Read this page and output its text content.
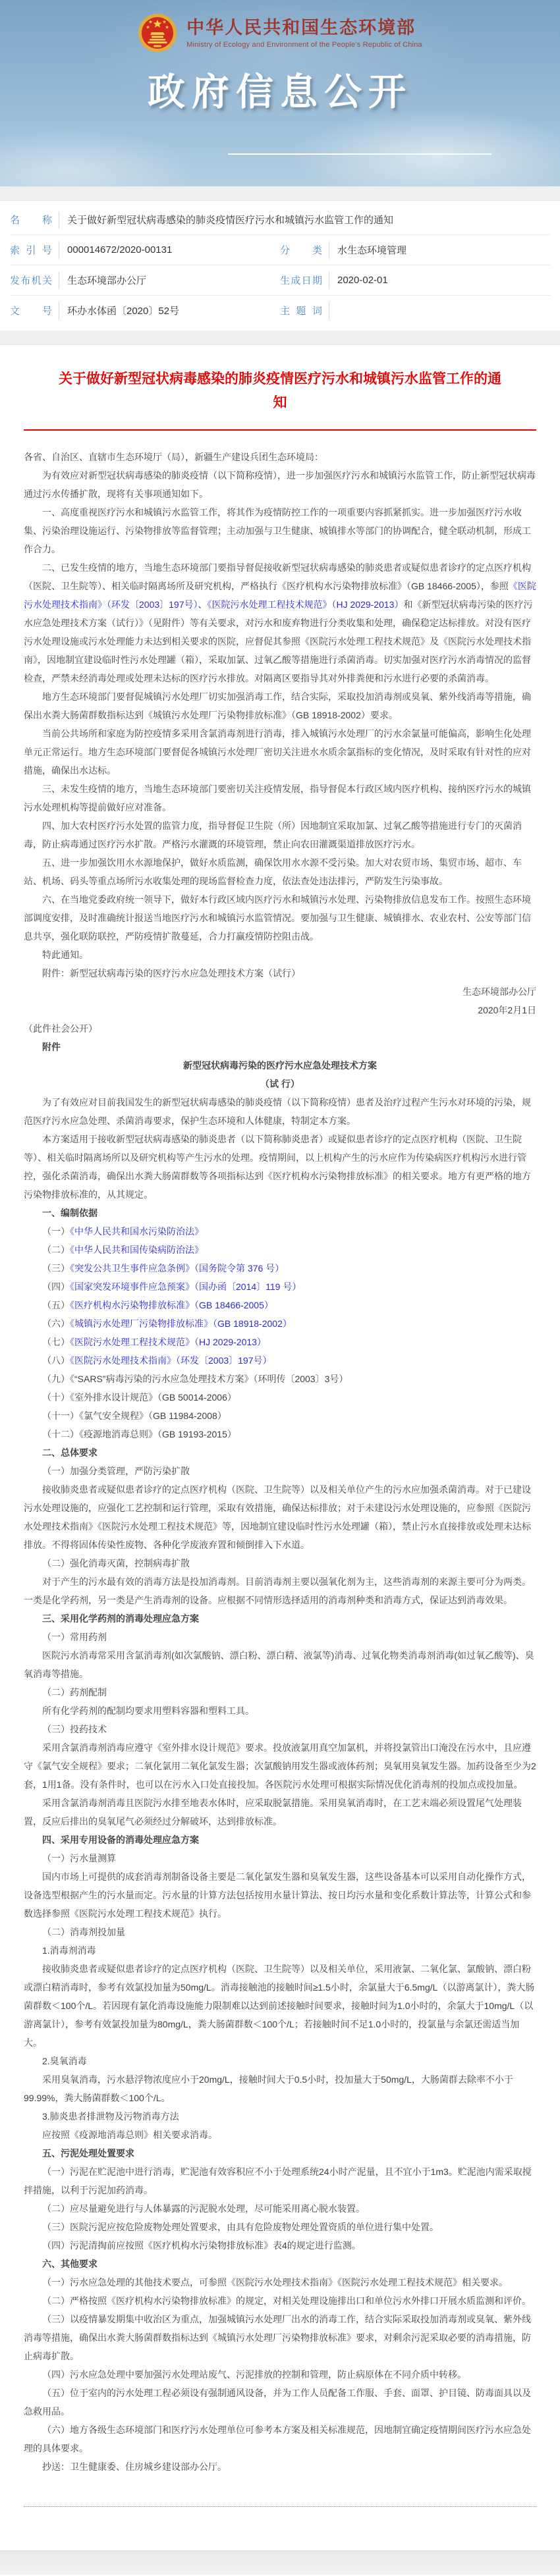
中华人民共和国生态环境部
Ministry of Ecology and Environment of the People's Republic of China
政府信息公开
名 称 关于做好新型冠状病毒感染的肺炎疫情医疗污水和城镇污水监管工作的通知
索 引 号 000014672/2020-00131	分 类 水生态环境管理
发布机关 生态环境部办公厅	生成日期 2020-02-01
文 号 环办水体函〔2020〕52号	主 题 词
关于做好新型冠状病毒感染的肺炎疫情医疗污水和城镇污水监管工作的通知

各省、自治区、直辖市生态环境厅（局），新疆生产建设兵团生态环境局：

为有效应对新型冠状病毒感染的肺炎疫情（以下简称疫情），进一步加强医疗污水和城镇污水监管工作，防止新型冠状病毒通过污水传播扩散，现将有关事项通知如下。

一、高度重视医疗污水和城镇污水监管工作，将其作为疫情防控工作的一项重要内容抓紧抓实。进一步加强医疗污水收集、污染治理设施运行、污染物排放等监督管理；主动加强与卫生健康、城镇排水等部门的协调配合，健全联动机制，形成工作合力。

二、已发生疫情的地方，当地生态环境部门要指导督促接收新型冠状病毒感染的肺炎患者或疑似患者诊疗的定点医疗机构（医院、卫生院等）、相关临时隔离场所及研究机构，严格执行《医疗机构水污染物排放标准》（GB 18466-2005），参照《医院污水处理技术指南》（环发〔2003〕197号）、《医院污水处理工程技术规范》（HJ 2029-2013）和《新型冠状病毒污染的医疗污水应急处理技术方案（试行）》（见附件）等有关要求，对污水和废弃物进行分类收集和处理，确保稳定达标排放。对没有医疗污水处理设施或污水处理能力未达到相关要求的医院，应督促其参照《医院污水处理工程技术规范》及《医院污水处理技术指南》，因地制宜建设临时性污水处理罐（箱），采取加氯、过氧乙酸等措施进行杀菌消毒。切实加强对医疗污水消毒情况的监督检查，严禁未经消毒处理或处理未达标的医疗污水排放。对隔离区要指导其对外排粪便和污水进行必要的杀菌消毒。

地方生态环境部门要督促城镇污水处理厂切实加强消毒工作，结合实际，采取投加消毒剂或臭氧、紫外线消毒等措施，确保出水粪大肠菌群数指标达到《城镇污水处理厂污染物排放标准》（GB 18918-2002）要求。

当前公共场所和家庭为防控疫情多采用含氯消毒剂进行消毒，排入城镇污水处理厂的污水余氯量可能偏高，影响生化处理单元正常运行。地方生态环境部门要督促各城镇污水处理厂密切关注进水水质余氯指标的变化情况，及时采取有针对性的应对措施，确保出水达标。

三、未发生疫情的地方，当地生态环境部门要密切关注疫情发展，指导督促本行政区域内医疗机构、接纳医疗污水的城镇污水处理机构等提前做好应对准备。

四、加大农村医疗污水处置的监管力度，指导督促卫生院（所）因地制宜采取加氯、过氧乙酸等措施进行专门的灭菌消毒，防止病毒通过医疗污水扩散。严格污水灌溉的环境管理，禁止向农田灌溉渠道排放医疗污水。

五、进一步加强饮用水水源地保护，做好水质监测，确保饮用水水源不受污染。加大对农贸市场、集贸市场、超市、车站、机场、码头等重点场所污水收集处理的现场监督检查力度，依法查处违法排污，严防发生污染事故。

六、在当地党委政府统一领导下，做好本行政区域内医疗污水和城镇污水处理、污染物排放信息发布工作。按照生态环境部调度安排，及时准确统计报送当地医疗污水和城镇污水监管情况。要加强与卫生健康、城镇排水、农业农村、公安等部门信息共享，强化联防联控，严防疫情扩散蔓延，合力打赢疫情防控阻击战。

特此通知。

附件：新型冠状病毒污染的医疗污水应急处理技术方案（试行）

生态环境部办公厅

2020年2月1日

（此件社会公开）

附件

新型冠状病毒污染的医疗污水应急处理技术方案

（试 行）

为了有效应对目前我国发生的新型冠状病毒感染的肺炎疫情（以下简称疫情）患者及治疗过程产生污水对环境的污染，规范医疗污水应急处理、杀菌消毒要求，保护生态环境和人体健康，特制定本方案。

本方案适用于接收新型冠状病毒感染的肺炎患者（以下简称肺炎患者）或疑似患者诊疗的定点医疗机构（医院、卫生院等）、相关临时隔离场所以及研究机构等产生污水的处理。疫情期间，以上机构产生的污水应作为传染病医疗机构污水进行管控，强化杀菌消毒，确保出水粪大肠菌群数等各项指标达到《医疗机构水污染物排放标准》的相关要求。地方有更严格的地方污染物排放标准的，从其规定。

一、编制依据

（一）《中华人民共和国水污染防治法》

（二）《中华人民共和国传染病防治法》

（三）《突发公共卫生事件应急条例》（国务院令第 376 号）

（四）《国家突发环境事件应急预案》（国办函〔2014〕119 号）

（五）《医疗机构水污染物排放标准》（GB 18466-2005）

（六）《城镇污水处理厂污染物排放标准》（GB 18918-2002）

（七）《医院污水处理工程技术规范》（HJ 2029-2013）

（八）《医院污水处理技术指南》（环发〔2003〕197号）

（九）《“SARS”病毒污染的污水应急处理技术方案》（环明传〔2003〕3号）

（十）《室外排水设计规范》（GB 50014-2006）

（十一）《氯气安全规程》（GB 11984-2008）

（十二）《疫源地消毒总则》（GB 19193-2015）

二、总体要求

（一）加强分类管理，严防污染扩散

接收肺炎患者或疑似患者诊疗的定点医疗机构（医院、卫生院等）以及相关单位产生的污水应加强杀菌消毒。对于已建设污水处理设施的，应强化工艺控制和运行管理，采取有效措施，确保达标排放；对于未建设污水处理设施的，应参照《医院污水处理技术指南》《医院污水处理工程技术规范》等，因地制宜建设临时性污水处理罐（箱），禁止污水直接排放或处理未达标排放。不得将固体传染性废物、各种化学废液弃置和倾倒排入下水道。

（二）强化消毒灭菌，控制病毒扩散

对于产生的污水最有效的消毒方法是投加消毒剂。目前消毒剂主要以强氧化剂为主，这些消毒剂的来源主要可分为两类。一类是化学药剂，另一类是产生消毒剂的设备。应根据不同情形选择适用的消毒剂种类和消毒方式，保证达到消毒效果。

三、采用化学药剂的消毒处理应急方案

（一）常用药剂

医院污水消毒常采用含氯消毒剂(如次氯酸钠、漂白粉、漂白精、液氯等)消毒、过氧化物类消毒剂消毒(如过氧乙酸等)、臭氧消毒等措施。

（二）药剂配制

所有化学药剂的配制均要求用塑料容器和塑料工具。

（三）投药技术

采用含氯消毒剂消毒应遵守《室外排水设计规范》要求。投放液氯用真空加氯机，并将投氯管出口淹没在污水中，且应遵守《氯气安全规程》要求；二氧化氯用二氧化氯发生器；次氯酸钠用发生器或液体药剂；臭氧用臭氧发生器。加药设备至少为2套，1用1备。没有条件时，也可以在污水入口处直接投加。各医院污水处理可根据实际情况优化消毒剂的投加点或投加量。

采用含氯消毒剂消毒且医院污水排至地表水体时，应采取脱氯措施。采用臭氧消毒时，在工艺末端必须设置尾气处理装置，反应后排出的臭氧尾气必须经过分解破坏，达到排放标准。

四、采用专用设备的消毒处理应急方案

（一）污水量测算

国内市场上可提供的成套消毒剂制备设备主要是二氧化氯发生器和臭氧发生器，这些设备基本可以采用自动化操作方式，设备选型根据产生的污水量而定。污水量的计算方法包括按用水量计算法、按日均污水量和变化系数计算法等，计算公式和参数选择参照《医院污水处理工程技术规范》执行。

（二）消毒剂投加量

1.消毒剂消毒

接收肺炎患者或疑似患者诊疗的定点医疗机构（医院、卫生院等）以及相关单位，采用液氯、二氧化氯、氯酸钠、漂白粉或漂白精消毒时，参考有效氯投加量为50mg/L。消毒接触池的接触时间≥1.5小时，余氯量大于6.5mg/L（以游离氯计），粪大肠菌群数＜100个/L。若因现有氯化消毒设施能力限制难以达到前述接触时间要求，接触时间为1.0小时的，余氯大于10mg/L（以游离氯计），参考有效氯投加量为80mg/L，粪大肠菌群数＜100个/L；若接触时间不足1.0小时的，投氯量与余氯还需适当加大。

2.臭氧消毒

采用臭氧消毒，污水悬浮物浓度应小于20mg/L，接触时间大于0.5小时，投加量大于50mg/L，大肠菌群去除率不小于99.99%，粪大肠菌群数＜100个/L。

3.肺炎患者排泄物及污物消毒方法

应按照《疫源地消毒总则》相关要求消毒。

五、污泥处理处置要求

（一）污泥在贮泥池中进行消毒，贮泥池有效容积应不小于处理系统24小时产泥量，且不宜小于1m3。贮泥池内需采取搅拌措施，以利于污泥加药消毒。

（二）应尽量避免进行与人体暴露的污泥脱水处理，尽可能采用离心脱水装置。

（三）医院污泥应按危险废物处理处置要求，由具有危险废物处理处置资质的单位进行集中处置。

（四）污泥清掏前应按照《医疗机构水污染物排放标准》表4的规定进行监测。

六、其他要求

（一）污水应急处理的其他技术要点，可参照《医院污水处理技术指南》《医院污水处理工程技术规范》相关要求。

（二）严格按照《医疗机构水污染物排放标准》的规定，对相关处理设施排出口和单位污水外排口开展水质监测和评价。

（三）以疫情暴发期集中收治区为重点，加强城镇污水处理厂出水的消毒工作，结合实际采取投加消毒剂或臭氧、紫外线消毒等措施，确保出水粪大肠菌群数指标达到《城镇污水处理厂污染物排放标准》要求，对剩余污泥采取必要的消毒措施，防止病毒扩散。

（四）污水应急处理中要加强污水处理站废气、污泥排放的控制和管理，防止病原体在不同介质中转移。

（五）位于室内的污水处理工程必须设有强制通风设备，并为工作人员配备工作服、手套、面罩、护目镜、防毒面具以及急救用品。

（六）地方各级生态环境部门和医疗污水处理单位可参考本方案及相关标准规范，因地制宜确定疫情期间医疗污水应急处理的具体要求。

抄送：卫生健康委、住房城乡建设部办公厅。
